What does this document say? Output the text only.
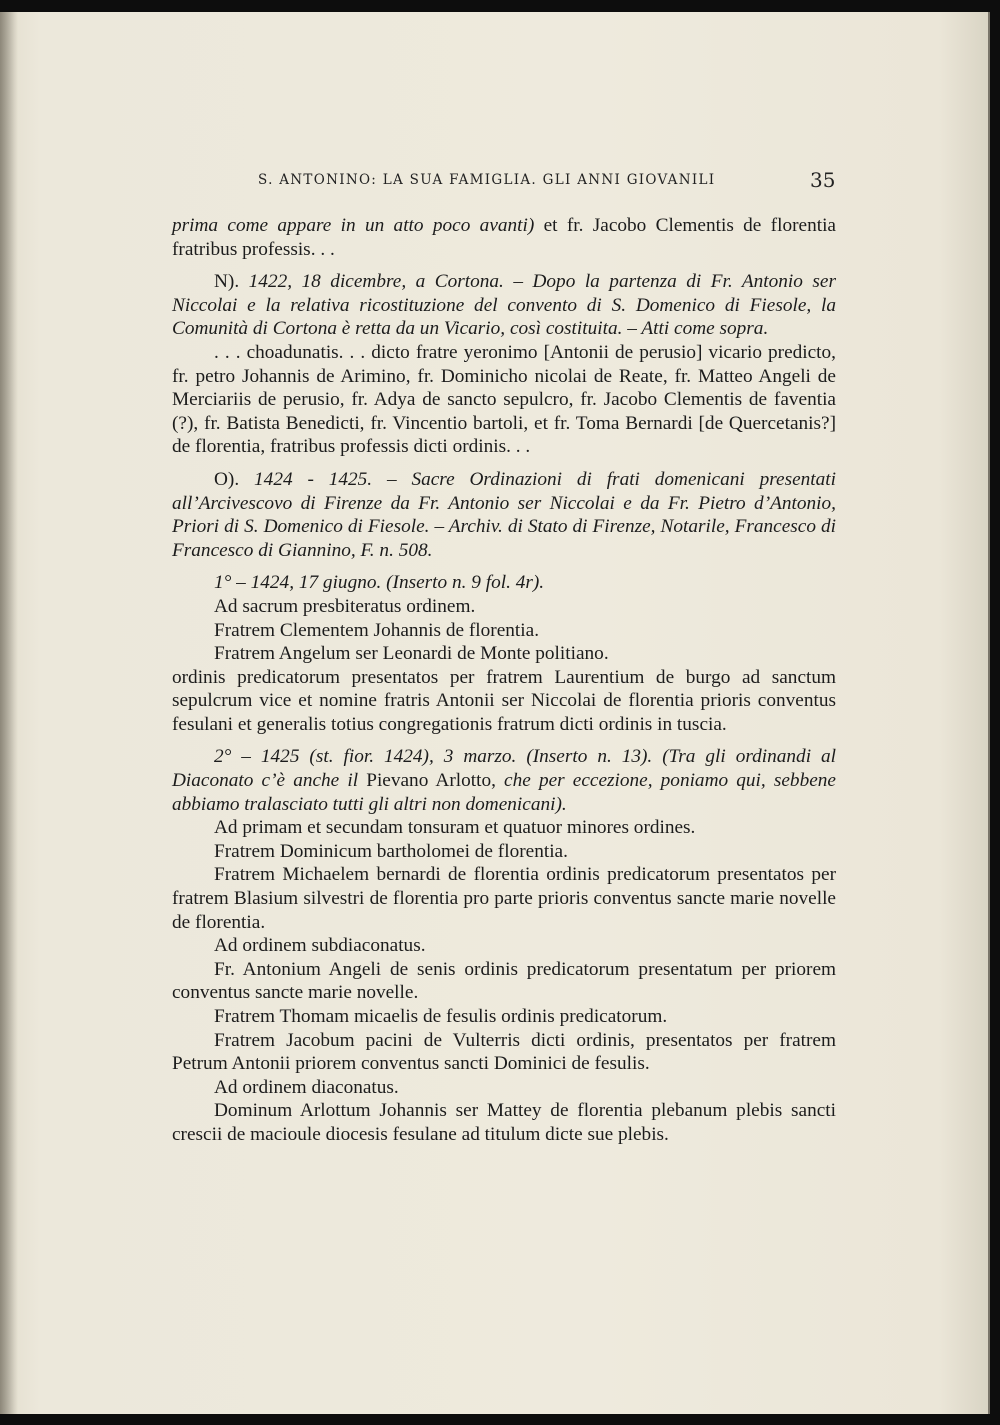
S. ANTONINO: LA SUA FAMIGLIA. GLI ANNI GIOVANILI	35

prima come appare in un atto poco avanti) et fr. Jacobo Clementis de florentia fratribus professis. . .

N). 1422, 18 dicembre, a Cortona. – Dopo la partenza di Fr. Antonio ser Niccolai e la relativa ricostituzione del convento di S. Domenico di Fiesole, la Comunità di Cortona è retta da un Vicario, così costituita. – Atti come sopra.

. . . choadunatis. . . dicto fratre yeronimo [Antonii de perusio] vicario predicto, fr. petro Johannis de Arimino, fr. Dominicho nicolai de Reate, fr. Matteo Angeli de Merciariis de perusio, fr. Adya de sancto sepulcro, fr. Jacobo Clementis de faventia (?), fr. Batista Benedicti, fr. Vincentio bartoli, et fr. Toma Bernardi [de Quercetanis?] de florentia, fratribus professis dicti ordinis. . .

O). 1424 - 1425. – Sacre Ordinazioni di frati domenicani presentati all’Arcivescovo di Firenze da Fr. Antonio ser Niccolai e da Fr. Pietro d’Antonio, Priori di S. Domenico di Fiesole. – Archiv. di Stato di Firenze, Notarile, Francesco di Francesco di Giannino, F. n. 508.

1° – 1424, 17 giugno. (Inserto n. 9 fol. 4r).

Ad sacrum presbiteratus ordinem.

Fratrem Clementem Johannis de florentia.

Fratrem Angelum ser Leonardi de Monte politiano.

ordinis predicatorum presentatos per fratrem Laurentium de burgo ad sanctum sepulcrum vice et nomine fratris Antonii ser Niccolai de florentia prioris conventus fesulani et generalis totius congregationis fratrum dicti ordinis in tuscia.

2° – 1425 (st. fior. 1424), 3 marzo. (Inserto n. 13). (Tra gli ordinandi al Diaconato c’è anche il Pievano Arlotto, che per eccezione, poniamo qui, sebbene abbiamo tralasciato tutti gli altri non domenicani).

Ad primam et secundam tonsuram et quatuor minores ordines.

Fratrem Dominicum bartholomei de florentia.

Fratrem Michaelem bernardi de florentia ordinis predicatorum presentatos per fratrem Blasium silvestri de florentia pro parte prioris conventus sancte marie novelle de florentia.

Ad ordinem subdiaconatus.

Fr. Antonium Angeli de senis ordinis predicatorum presentatum per priorem conventus sancte marie novelle.

Fratrem Thomam micaelis de fesulis ordinis predicatorum.

Fratrem Jacobum pacini de Vulterris dicti ordinis, presentatos per fratrem Petrum Antonii priorem conventus sancti Dominici de fesulis.

Ad ordinem diaconatus.

Dominum Arlottum Johannis ser Mattey de florentia plebanum plebis sancti crescii de macioule diocesis fesulane ad titulum dicte sue plebis.
